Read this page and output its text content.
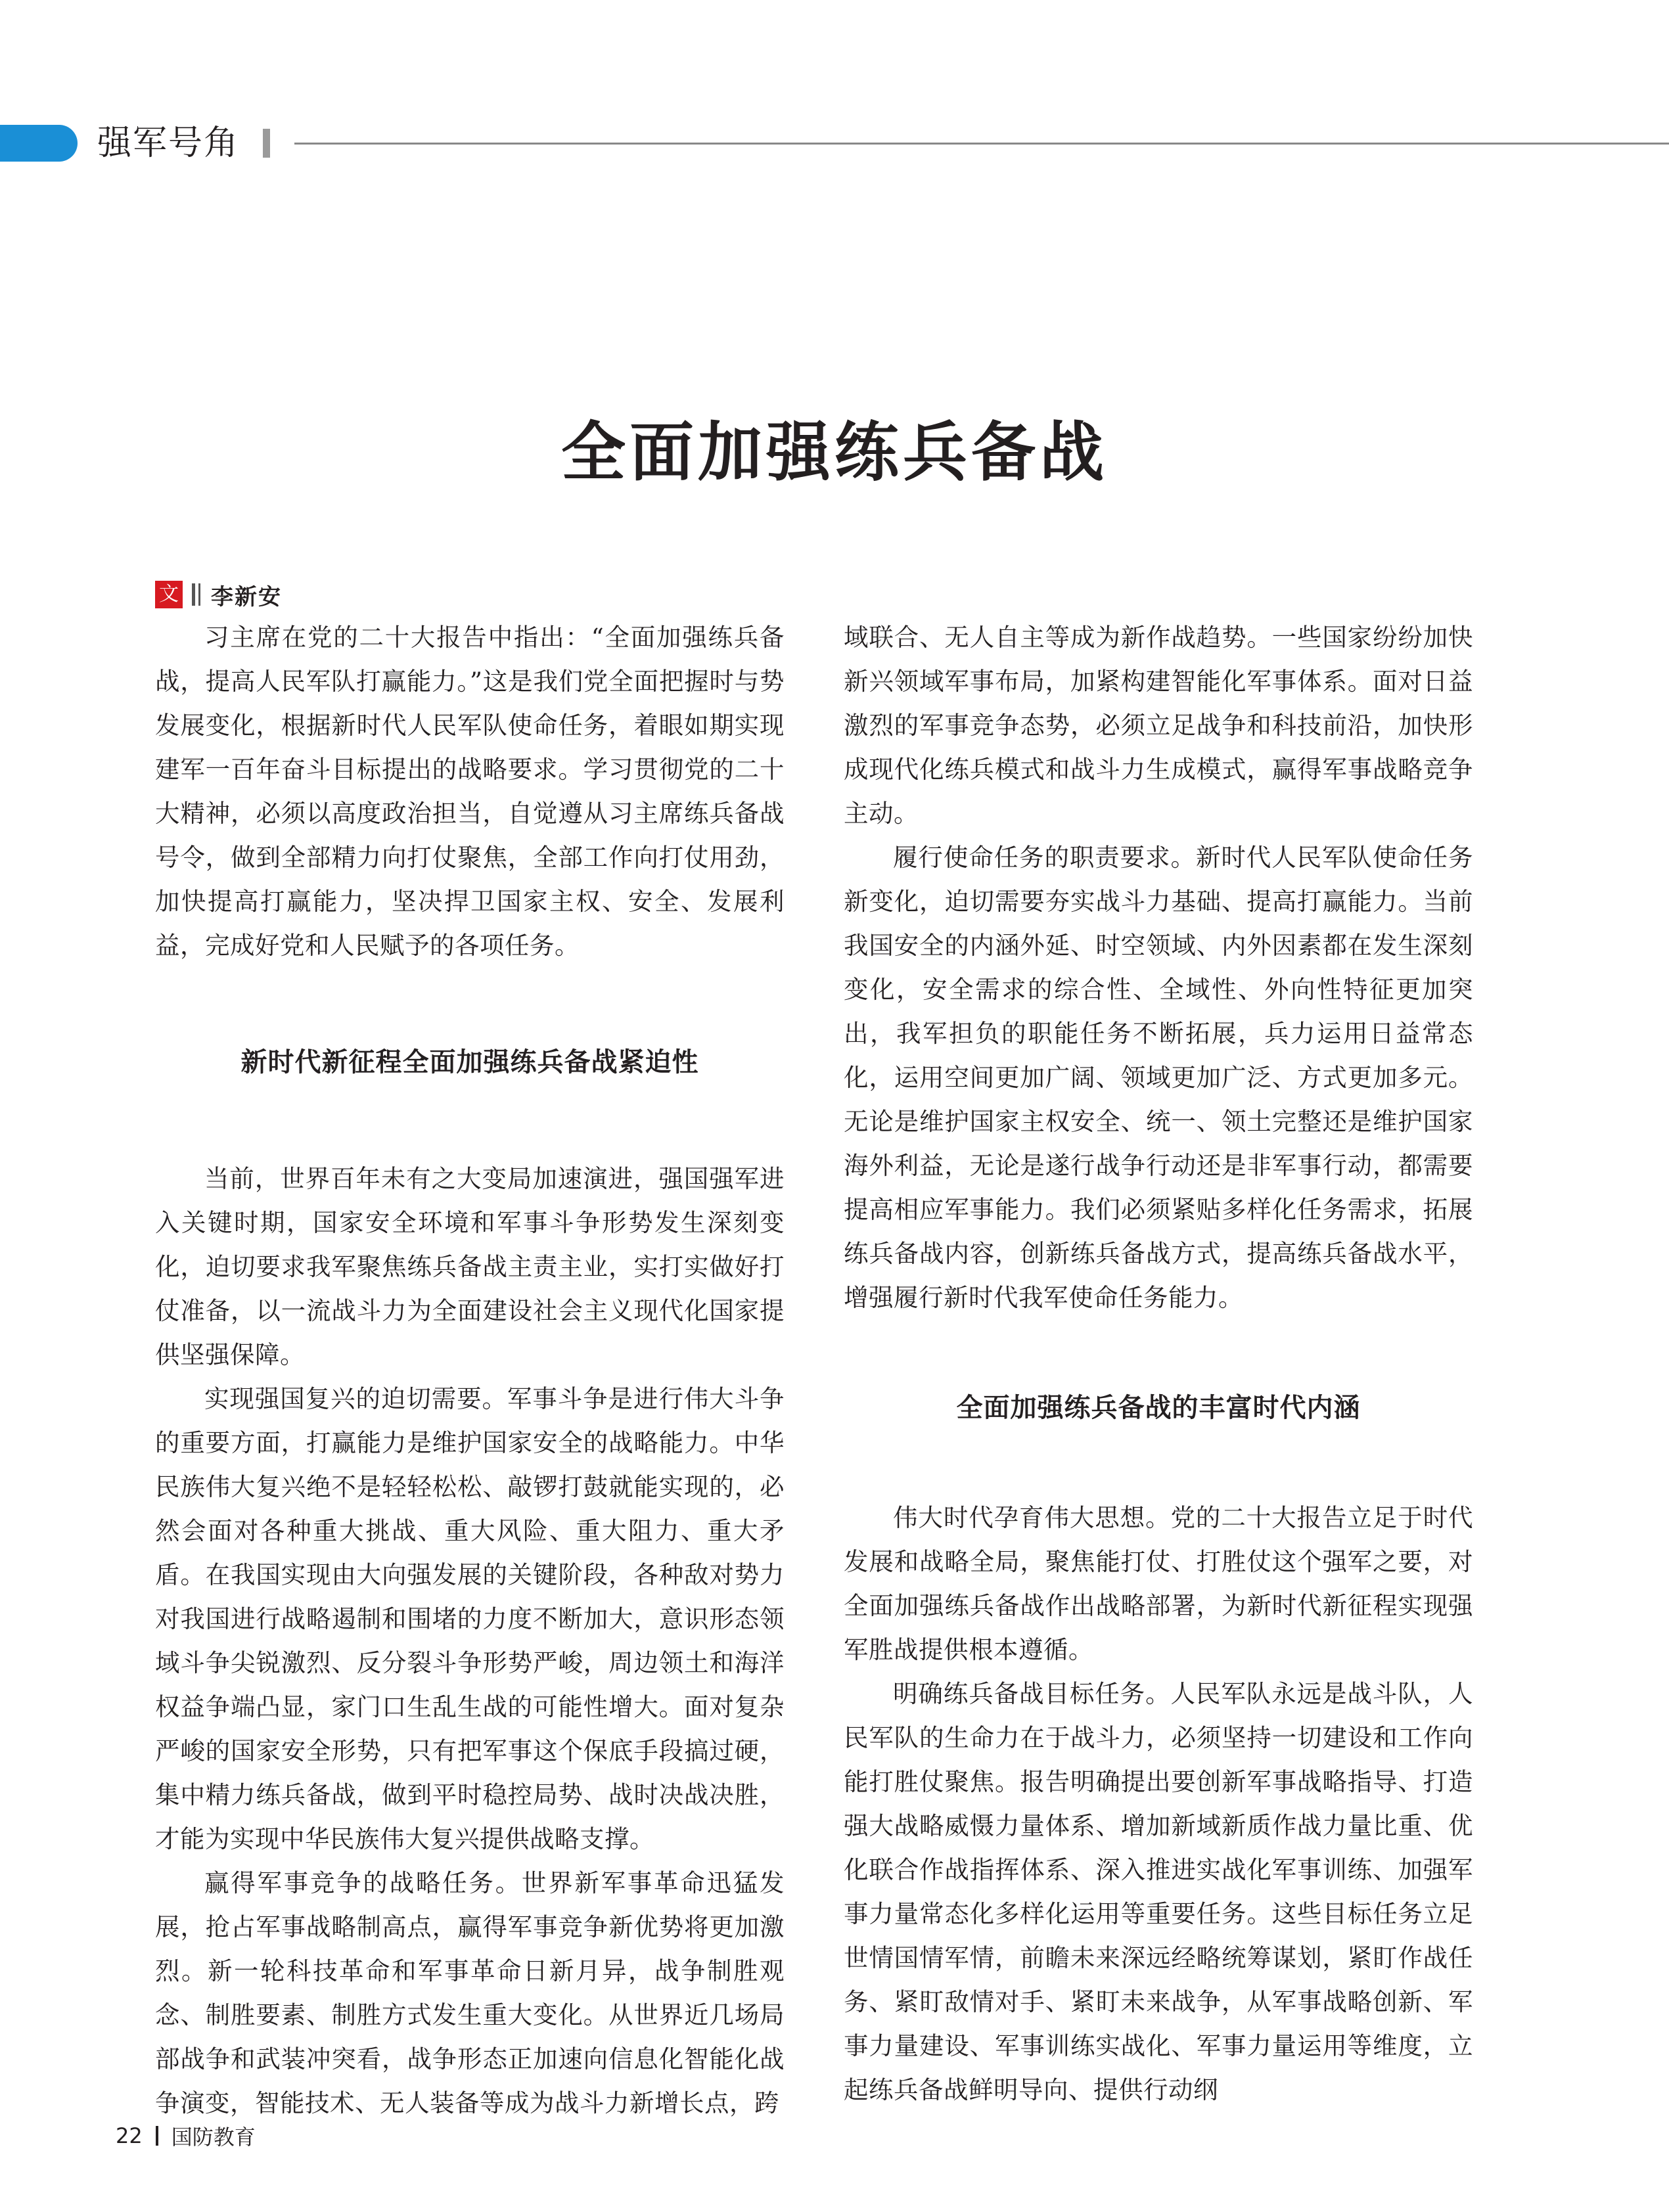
强军号角
全面加强练兵备战
文 李新安

习主席在党的二十大报告中指出：“全面加强练兵备战，提高人民军队打赢能力。”这是我们党全面把握时与势发展变化，根据新时代人民军队使命任务，着眼如期实现建军一百年奋斗目标提出的战略要求。学习贯彻党的二十大精神，必须以高度政治担当，自觉遵从习主席练兵备战号令，做到全部精力向打仗聚焦，全部工作向打仗用劲，加快提高打赢能力，坚决捍卫国家主权、安全、发展利益，完成好党和人民赋予的各项任务。

新时代新征程全面加强练兵备战紧迫性

当前，世界百年未有之大变局加速演进，强国强军进入关键时期，国家安全环境和军事斗争形势发生深刻变化，迫切要求我军聚焦练兵备战主责主业，实打实做好打仗准备，以一流战斗力为全面建设社会主义现代化国家提供坚强保障。

实现强国复兴的迫切需要。军事斗争是进行伟大斗争的重要方面，打赢能力是维护国家安全的战略能力。中华民族伟大复兴绝不是轻轻松松、敲锣打鼓就能实现的，必然会面对各种重大挑战、重大风险、重大阻力、重大矛盾。在我国实现由大向强发展的关键阶段，各种敌对势力对我国进行战略遏制和围堵的力度不断加大，意识形态领域斗争尖锐激烈、反分裂斗争形势严峻，周边领土和海洋权益争端凸显，家门口生乱生战的可能性增大。面对复杂严峻的国家安全形势，只有把军事这个保底手段搞过硬，集中精力练兵备战，做到平时稳控局势、战时决战决胜，才能为实现中华民族伟大复兴提供战略支撑。

赢得军事竞争的战略任务。世界新军事革命迅猛发展，抢占军事战略制高点，赢得军事竞争新优势将更加激烈。新一轮科技革命和军事革命日新月异，战争制胜观念、制胜要素、制胜方式发生重大变化。从世界近几场局部战争和武装冲突看，战争形态正加速向信息化智能化战争演变，智能技术、无人装备等成为战斗力新增长点，跨

域联合、无人自主等成为新作战趋势。一些国家纷纷加快新兴领域军事布局，加紧构建智能化军事体系。面对日益激烈的军事竞争态势，必须立足战争和科技前沿，加快形成现代化练兵模式和战斗力生成模式，赢得军事战略竞争主动。

履行使命任务的职责要求。新时代人民军队使命任务新变化，迫切需要夯实战斗力基础、提高打赢能力。当前我国安全的内涵外延、时空领域、内外因素都在发生深刻变化，安全需求的综合性、全域性、外向性特征更加突出，我军担负的职能任务不断拓展，兵力运用日益常态化，运用空间更加广阔、领域更加广泛、方式更加多元。无论是维护国家主权安全、统一、领土完整还是维护国家海外利益，无论是遂行战争行动还是非军事行动，都需要提高相应军事能力。我们必须紧贴多样化任务需求，拓展练兵备战内容，创新练兵备战方式，提高练兵备战水平，增强履行新时代我军使命任务能力。

全面加强练兵备战的丰富时代内涵

伟大时代孕育伟大思想。党的二十大报告立足于时代发展和战略全局，聚焦能打仗、打胜仗这个强军之要，对全面加强练兵备战作出战略部署，为新时代新征程实现强军胜战提供根本遵循。

明确练兵备战目标任务。人民军队永远是战斗队，人民军队的生命力在于战斗力，必须坚持一切建设和工作向能打胜仗聚焦。报告明确提出要创新军事战略指导、打造强大战略威慑力量体系、增加新域新质作战力量比重、优化联合作战指挥体系、深入推进实战化军事训练、加强军事力量常态化多样化运用等重要任务。这些目标任务立足世情国情军情，前瞻未来深远经略统筹谋划，紧盯作战任务、紧盯敌情对手、紧盯未来战争，从军事战略创新、军事力量建设、军事训练实战化、军事力量运用等维度，立起练兵备战鲜明导向、提供行动纲

22 国防教育
